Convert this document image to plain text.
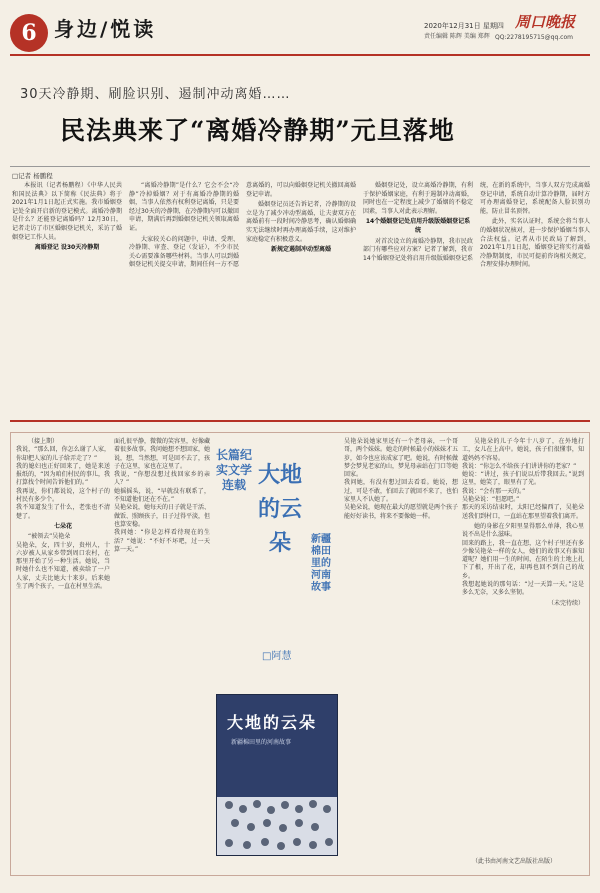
6 身边/悦读	2020年12月31日 星期四
责任编辑 陈辉 美编 郑辉
周口晚报
QQ:2278195715@qq.com
30天冷静期、刷脸识别、遏制冲动离婚……
民法典来了“离婚冷静期”元旦落地
□记者 杨鹏程

本报讯（记者杨鹏程）《中华人民共和国民法典》以下简称《民法典》将于2021年1月1日起正式实施。我市婚姻登记处全面开启新的登记模式。离婚冷静期是什么？还能登记离婚吗？12月30日，记者走访了市区婚姻登记机关，采访了婚姻登记工作人员。

离婚登记 设30天冷静期

“离婚冷静期”是什么？它会不会“冷静”冷掉婚姻？对于有离婚冷静期的婚姻，当事人依然有权利登记离婚，只是要经过30天的冷静期，在冷静期内可以撤回申请，期满后再到婚姻登记机关领取离婚证。

大家较关心的问题中，申请、受理、冷静期、审查、登记（发证），不少市民关心需要准备哪些材料。当事人可以到婚姻登记机关提交申请，期间任何一方不愿意离婚的，可以向婚姻登记机关撤回离婚登记申请。

婚姻登记员还告诉记者，冷静期的设立是为了减少冲动型离婚，让夫妻双方在离婚前有一段时间冷静思考，确认婚姻确实无法继续时再办理离婚手续，这对维护家庭稳定有积极意义。

新规定遏制冲动型离婚

婚姻登记处，设立离婚冷静期，有利于保护婚姻家庭，有利于遏制冲动离婚，同时也在一定程度上减少了婚姻的不稳定因素，当事人对此表示理解。

14个婚姻登记处启用升级版婚姻登记系统

对首次设立的离婚冷静期，我市民政部门有哪些应对方案？记者了解到，我市14个婚姻登记处将启用升级版婚姻登记系统，在新的系统中，当事人双方完成离婚登记申请，系统自动计算冷静期，届时方可办理离婚登记，系统配备人脸识别功能，防止冒名顶替。

此外，实名认证时，系统会将当事人的婚姻状况核对，进一步保护婚姻当事人合法权益。记者从市民政局了解到，2021年1月1日起，婚姻登记将实行离婚冷静期制度，市民可提前咨询相关规定，合理安排办理时间。

（接上期）
我说，“那么回，你怎么谢了人家，你却把人家的儿子给弄走了？”
我的媳妇也正好回来了，她是来送报纸的，“因为咱们村民的事儿，我打算找个时间告诉他们的。”
我再说，你们都说说，这个村子的村民有多少个。
我不知道发生了什么，老张也不清楚了。

七朵花

“被领去”吴艳朵
吴艳朵，女，四十岁，贵州人，十六岁被人从家乡带到周口农村，在那里开始了另一种生活。她说，当时她什么也不知道，被卖给了一户人家，丈夫比她大十来岁。后来她生了两个孩子，一直在村里生活。

面孔很平静，微微的笑容里，好像藏着很多故事。我问她想不想回家，她说，想，当然想，可是回不去了，孩子在这里，家也在这里了。
我说，“你想没想过找回家乡的亲人？”
她摇摇头，说，“早就没有联系了，不知道他们还在不在。”
吴艳朵说，她每天的日子就是干活、做饭、照顾孩子，日子过得平淡，但也算安稳。
我问她：“你是怎样看待现在的生活？”她说：“不好不坏吧，过一天算一天。”
长篇纪实文学连载 大地的云朵	新疆棉田里的河南故事
□阿慧
大地的云朵
新疆棉田里的河南故事
吴艳朵说她家里还有一个老母亲，一个哥哥，两个妹妹。她走的时候最小的妹妹才五岁，如今也应该成家了吧。她说，有时候做梦会梦见老家的山，梦见母亲站在门口等她回家。
我问她，有没有想过回去看看。她说，想过，可是不敢，怕回去了就回不来了，也怕家里人不认她了。
吴艳朵说，她现在最大的愿望就是两个孩子能好好读书，将来不要像她一样。

吴艳朵的儿子今年十八岁了，在外地打工，女儿在上高中。她说，孩子们很懂事，知道妈妈不容易。
我说：“你怎么不给孩子们讲讲你的老家？”
她说：“讲过，孩子们说以后带我回去。”说到这里，她笑了，眼里有了光。
我说：“会有那一天的。”
吴艳朵说：“但愿吧。”
那天的采访结束时，太阳已经偏西了，吴艳朵送我们到村口，一直站在那里望着我们离开。

她的身影在夕阳里显得那么单薄，我心里说不出是什么滋味。
回来的路上，我一直在想，这个村子里还有多少像吴艳朵一样的女人，她们的故事又有谁知道呢？她们用一生的时间，在陌生的土地上扎下了根，开出了花，却再也回不到自己的故乡。
我想起她说的那句话：“过一天算一天。”这是多么无奈，又多么坚韧。

（未完待续）

（此书由河南文艺出版社出版）
